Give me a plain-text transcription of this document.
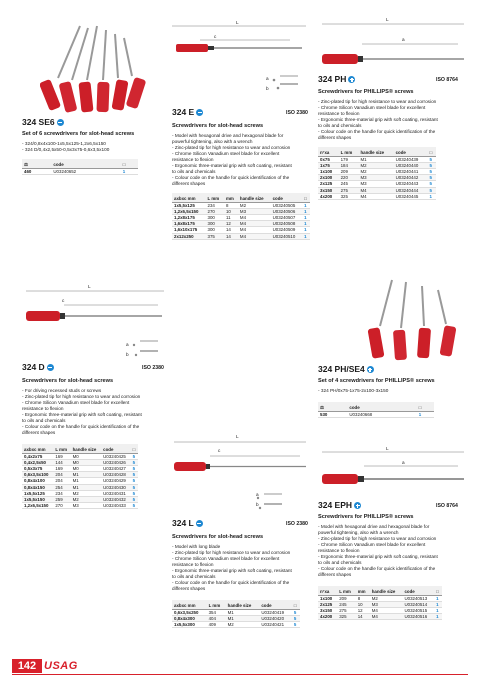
324 SE6
Set of 6 screwdrivers for slot-head screws
- 324/0,8x4x100-1x5,5x125-1,2x6,5x150
- 324 D/0,4x2,5x50-0,5x3x75-0,6x3,5x100
⚖	code	□
460	U03240652	1
L
c
a
b
324 E
Screwdrivers for slot-head screws
- Model with hexagonal drive and hexagonal blade for
powerful tightening, also with a wrench
- Zinc-plated tip for high resistance to wear and corrosion
- Chrome Silicon Vanadium steel blade for excellent
resistance to flexion
- Ergonomic three-material grip with soft coating, resistant
to oils and chemicals
- Colour code on the handle for quick identification of the
different shapes
axbxc mm	L mm	mm	handle size	code	□
1x5,5x125	234	8	M2	U03240505	1
1,2x6,5x150	270	10	M3	U03240506	1
1,2x8x175	300	11	M4	U03240507	1
1,6x8x175	300	12	M4	U03240508	1
1,6x10x175	300	14	M4	U03240509	1
2x12x250	375	14	M4	U03240510	1
ISO 2380
L
a
324 PH
Screwdrivers for PHILLIPS® screws
- Zinc-plated tip for high resistance to wear and corrosion
- Chrome Silicon Vanadium steel blade for excellent
resistance to flexion
- Ergonomic three-material grip with soft coating, resistant
to oils and chemicals
- Colour code on the handle for quick identification of the
different shapes
n°xa	L mm	handle size	code	□
0x75	179	M1	U03240439	5
1x75	184	M2	U03240440	5
1x100	209	M2	U03240441	5
2x100	220	M3	U03240442	5
2x125	245	M3	U03240443	5
3x150	275	M4	U03240444	5
4x200	325	M4	U03240445	1
ISO 8764
L
c
a
b
324 D
Screwdrivers for slot-head screws
- For driving recessed studs or screws
- Zinc-plated tip for high resistance to wear and corrosion
- Chrome Silicon Vanadium steel blade for excellent
resistance to flexion
- Ergonomic three-material grip with soft coating, resistant
to oils and chemicals
- Colour code on the handle for quick identification of the
different shapes
axbxc mm	L mm	handle size	code	□
0,4x2x75	169	M0	U03240425	5
0,4x2,5x50	144	M0	U03240426	5
0,5x3x75	169	M0	U03240427	5
0,6x3,5x100	204	M1	U03240428	5
0,8x4x100	204	M1	U03240429	5
0,8x4x150	254	M1	U03240430	5
1x5,5x125	234	M2	U03240431	5
1x5,5x150	259	M2	U03240432	5
1,2x6,5x150	270	M3	U03240433	5
ISO 2380	324 PH/SE4
Set of 4 screwdrivers for PHILLIPS® screws
- 324 PH/0x75-1x75-2x100-3x150
⚖	code	□
530	U03240668	1
L
a
324 EPH
Screwdrivers for PHILLIPS® screws
- Model with hexagonal drive and hexagonal blade for
powerful tightening, also with a wrench
- Zinc-plated tip for high resistance to wear and corrosion
- Chrome Silicon Vanadium steel blade for excellent
resistance to flexion
- Ergonomic three-material grip with soft coating, resistant
to oils and chemicals
- Colour code on the handle for quick identification of the
different shapes
n°xa	L mm	mm	handle size	code	□
1x100	209	8	M2	U03240513	1
2x125	245	10	M3	U03240514	1
3x150	275	12	M4	U03240515	1
4x200	325	14	M4	U03240516	1
ISO 8764
L
c
a
b
324 L
Screwdrivers for slot-head screws
- Model with long blade
- Zinc-plated tip for high resistance to wear and corrosion
- Chrome Silicon Vanadium steel blade for excellent
resistance to flexion
- Ergonomic three-material grip with soft coating, resistant
to oils and chemicals
- Colour code on the handle for quick identification of the
different shapes
axbxc mm	L mm	handle size	code	□
0,6x3,5x250	354	M1	U03240419	5
0,8x4x300	404	M1	U03240420	5
1x5,5x300	409	M2	U03240421	5
ISO 2380
142 USAG
